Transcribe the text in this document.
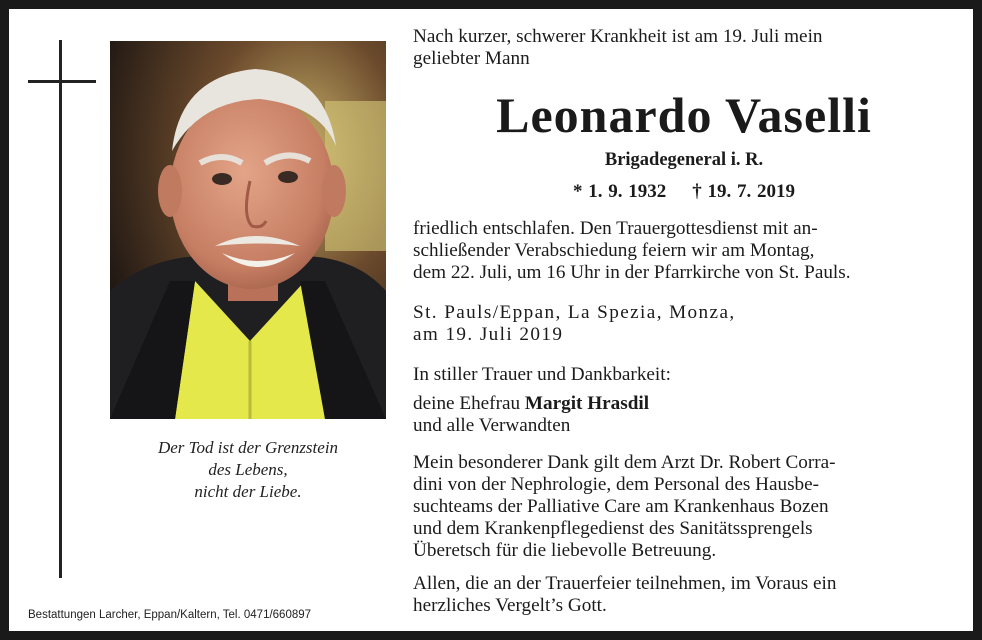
Der Tod ist der Grenzstein
des Lebens,
nicht der Liebe.
Bestattungen Larcher, Eppan/Kaltern, Tel. 0471/660897
Nach kurzer, schwerer Krankheit ist am 19. Juli mein
geliebter Mann
Leonardo Vaselli
Brigadegeneral i. R.
* 1. 9. 1932 † 19. 7. 2019
friedlich entschlafen. Den Trauergottesdienst mit an-
schließender Verabschiedung feiern wir am Montag,
dem 22. Juli, um 16 Uhr in der Pfarrkirche von St. Pauls.
St. Pauls/Eppan, La Spezia, Monza,
am 19. Juli 2019
In stiller Trauer und Dankbarkeit:
deine Ehefrau Margit Hrasdil
und alle Verwandten
Mein besonderer Dank gilt dem Arzt Dr. Robert Corra-
dini von der Nephrologie, dem Personal des Hausbe-
suchteams der Palliative Care am Krankenhaus Bozen
und dem Krankenpflegedienst des Sanitätssprengels
Überetsch für die liebevolle Betreuung.
Allen, die an der Trauerfeier teilnehmen, im Voraus ein
herzliches Vergelt’s Gott.
